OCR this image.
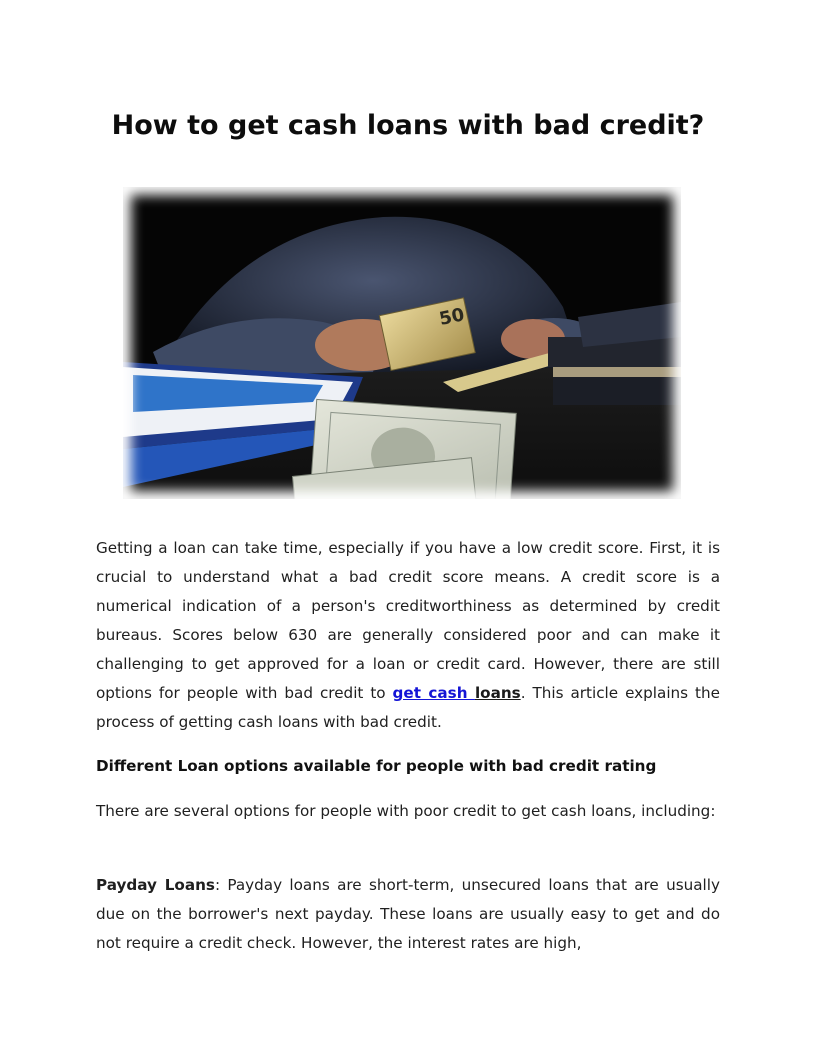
How to get cash loans with bad credit?
50

Getting a loan can take time, especially if you have a low credit score. First, it is crucial to understand what a bad credit score means. A credit score is a numerical indication of a person's creditworthiness as determined by credit bureaus. Scores below 630 are generally considered poor and can make it challenging to get approved for a loan or credit card. However, there are still options for people with bad credit to get cash loans. This article explains the process of getting cash loans with bad credit.

Different Loan options available for people with bad credit rating

There are several options for people with poor credit to get cash loans, including:

Payday Loans: Payday loans are short-term, unsecured loans that are usually due on the borrower's next payday. These loans are usually easy to get and do not require a credit check. However, the interest rates are high,
